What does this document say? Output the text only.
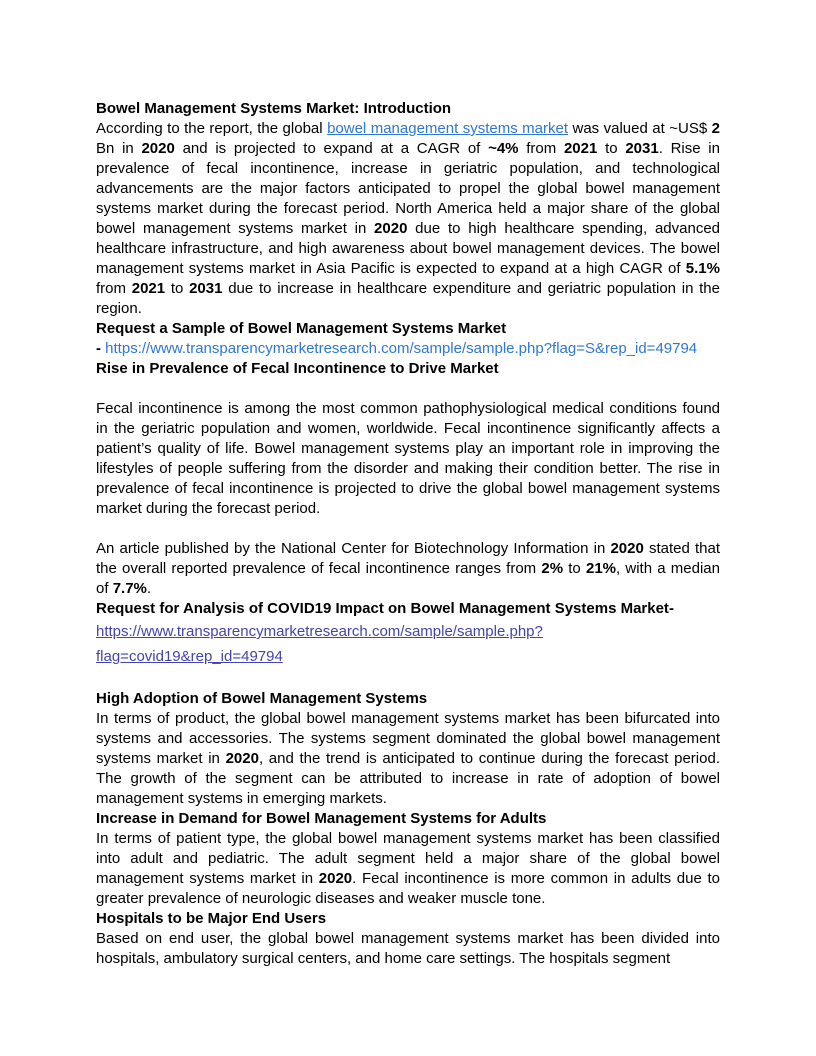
Bowel Management Systems Market: Introduction

According to the report, the global bowel management systems market was valued at ~US$ 2 Bn in 2020 and is projected to expand at a CAGR of ~4% from 2021 to 2031. Rise in prevalence of fecal incontinence, increase in geriatric population, and technological advancements are the major factors anticipated to propel the global bowel management systems market during the forecast period. North America held a major share of the global bowel management systems market in 2020 due to high healthcare spending, advanced healthcare infrastructure, and high awareness about bowel management devices. The bowel management systems market in Asia Pacific is expected to expand at a high CAGR of 5.1% from 2021 to 2031 due to increase in healthcare expenditure and geriatric population in the region.

Request a Sample of Bowel Management Systems Market

- https://www.transparencymarketresearch.com/sample/sample.php?flag=S&rep_id=49794

Rise in Prevalence of Fecal Incontinence to Drive Market

Fecal incontinence is among the most common pathophysiological medical conditions found in the geriatric population and women, worldwide. Fecal incontinence significantly affects a patient’s quality of life. Bowel management systems play an important role in improving the lifestyles of people suffering from the disorder and making their condition better. The rise in prevalence of fecal incontinence is projected to drive the global bowel management systems market during the forecast period.

An article published by the National Center for Biotechnology Information in 2020 stated that the overall reported prevalence of fecal incontinence ranges from 2% to 21%, with a median of 7.7%.

Request for Analysis of COVID19 Impact on Bowel Management Systems Market-

https://www.transparencymarketresearch.com/sample/sample.php?
flag=covid19&rep_id=49794

High Adoption of Bowel Management Systems

In terms of product, the global bowel management systems market has been bifurcated into systems and accessories. The systems segment dominated the global bowel management systems market in 2020, and the trend is anticipated to continue during the forecast period. The growth of the segment can be attributed to increase in rate of adoption of bowel management systems in emerging markets.

Increase in Demand for Bowel Management Systems for Adults

In terms of patient type, the global bowel management systems market has been classified into adult and pediatric. The adult segment held a major share of the global bowel management systems market in 2020. Fecal incontinence is more common in adults due to greater prevalence of neurologic diseases and weaker muscle tone.

Hospitals to be Major End Users

Based on end user, the global bowel management systems market has been divided into hospitals, ambulatory surgical centers, and home care settings. The hospitals segment
